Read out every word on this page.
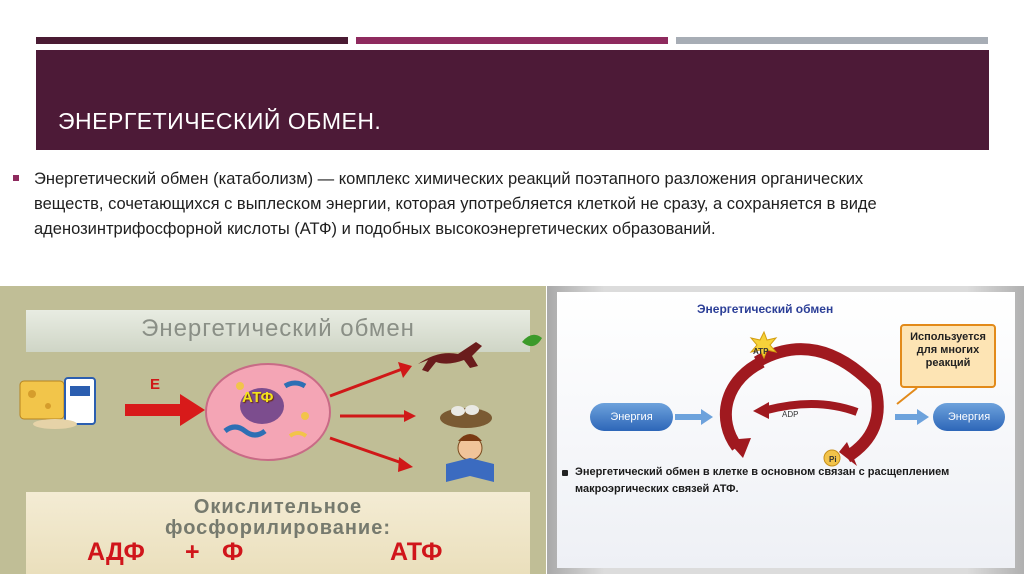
ЭНЕРГЕТИЧЕСКИЙ ОБМЕН.
Энергетический обмен (катаболизм) — комплекс химических реакций поэтапного разложения органических веществ, сочетающихся с выплеском энергии, которая употребляется клеткой не сразу, а сохраняется в виде аденозинтрифосфорной кислоты (АТФ) и подобных высокоэнергетических образований.
Энергетический обмен
Е
АТФ
Окислительное
фосфорилирование:
АДФ + Ф	АТФ
Энергетический обмен
Используется
для многих
реакций
Энергия	Энергия
ATP
ADP
Pi
Энергетический обмен в клетке в основном связан с расщеплением макроэргических связей АТФ.
